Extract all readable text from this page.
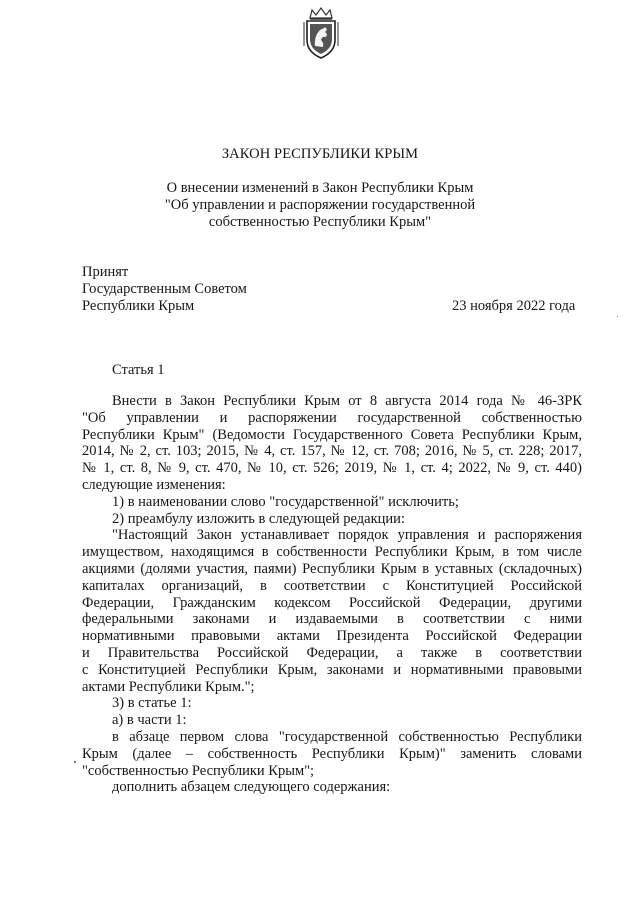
ЗАКОН РЕСПУБЛИКИ КРЫМ
О внесении изменений в Закон Республики Крым
"Об управлении и распоряжении государственной
собственностью Республики Крым"
Принят
Государственным Советом
Республики Крым	23 ноября 2022 года
Статья 1
Внести в Закон Республики Крым от 8 августа 2014 года № 46-ЗРК
"Об управлении и распоряжении государственной собственностью
Республики Крым" (Ведомости Государственного Совета Республики Крым,
2014, № 2, ст. 103; 2015, № 4, ст. 157, № 12, ст. 708; 2016, № 5, ст. 228; 2017,
№ 1, ст. 8, № 9, ст. 470, № 10, ст. 526; 2019, № 1, ст. 4; 2022, № 9, ст. 440)
следующие изменения:
1) в наименовании слово "государственной" исключить;
2) преамбулу изложить в следующей редакции:
"Настоящий Закон устанавливает порядок управления и распоряжения
имуществом, находящимся в собственности Республики Крым, в том числе
акциями (долями участия, паями) Республики Крым в уставных (складочных)
капиталах организаций, в соответствии с Конституцией Российской
Федерации, Гражданским кодексом Российской Федерации, другими
федеральными законами и издаваемыми в соответствии с ними
нормативными правовыми актами Президента Российской Федерации
и Правительства Российской Федерации, а также в соответствии
с Конституцией Республики Крым, законами и нормативными правовыми
актами Республики Крым.";
3) в статье 1:
а) в части 1:
в абзаце первом слова "государственной собственностью Республики
Крым (далее – собственность Республики Крым)" заменить словами
"собственностью Республики Крым";
дополнить абзацем следующего содержания:
